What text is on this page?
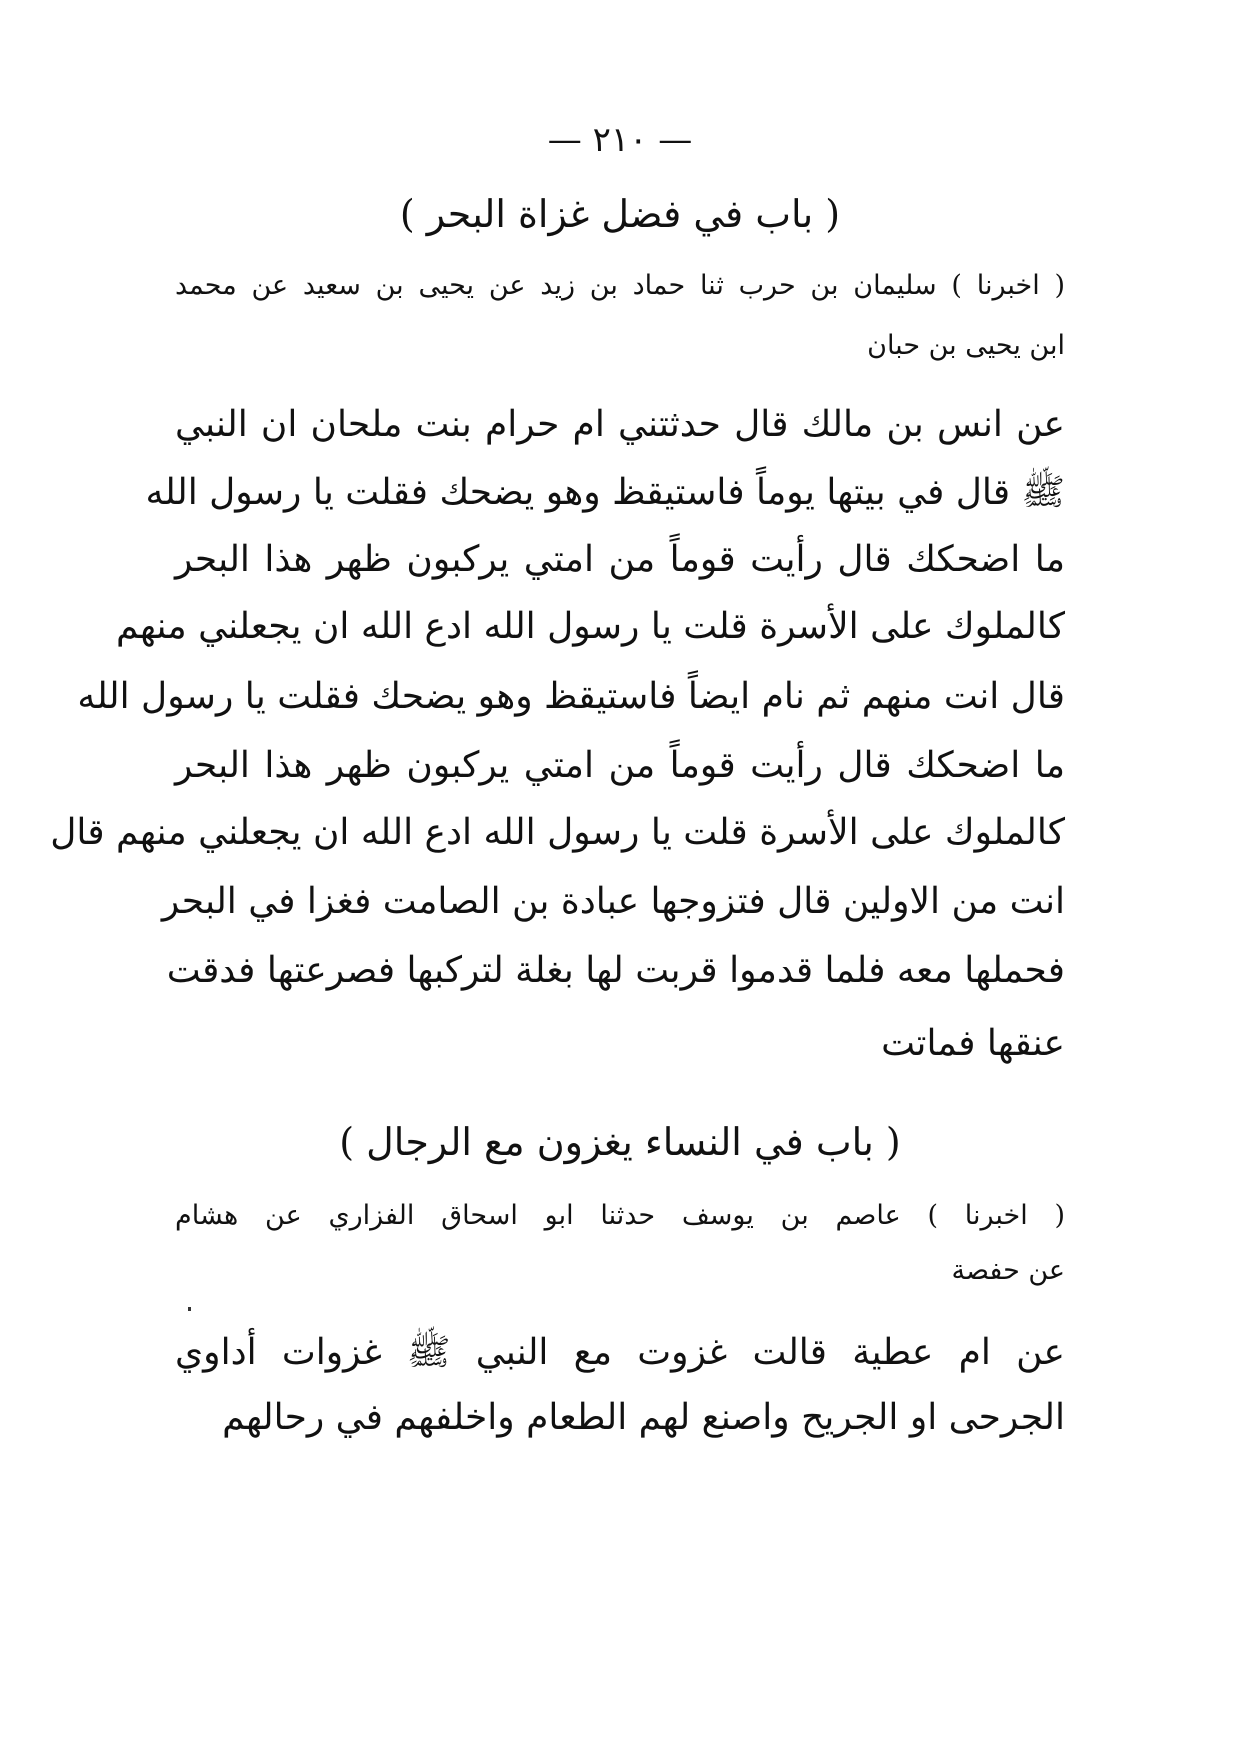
— ٢١٠ —
( باب في فضل غزاة البحر )
( اخبرنا ) سليمان بن حرب ثنا حماد بن زيد عن يحيى بن سعيد عن محمد
ابن يحيى بن حبان
عن انس بن مالك قال حدثتني ام حرام بنت ملحان ان النبي
ﷺ قال في بيتها يوماً فاستيقظ وهو يضحك فقلت يا رسول الله
ما اضحكك قال رأيت قوماً من امتي يركبون ظهر هذا البحر
كالملوك على الأسرة قلت يا رسول الله ادع الله ان يجعلني منهم
قال انت منهم ثم نام ايضاً فاستيقظ وهو يضحك فقلت يا رسول الله
ما اضحكك قال رأيت قوماً من امتي يركبون ظهر هذا البحر
كالملوك على الأسرة قلت يا رسول الله ادع الله ان يجعلني منهم قال
انت من الاولين قال فتزوجها عبادة بن الصامت فغزا في البحر
فحملها معه فلما قدموا قربت لها بغلة لتركبها فصرعتها فدقت
عنقها فماتت
( باب في النساء يغزون مع الرجال )
( اخبرنا ) عاصم بن يوسف حدثنا ابو اسحاق الفزاري عن هشام
عن حفصة
عن ام عطية قالت غزوت مع النبي ﷺ غزوات أداوي
الجرحى او الجريح واصنع لهم الطعام واخلفهم في رحالهم
